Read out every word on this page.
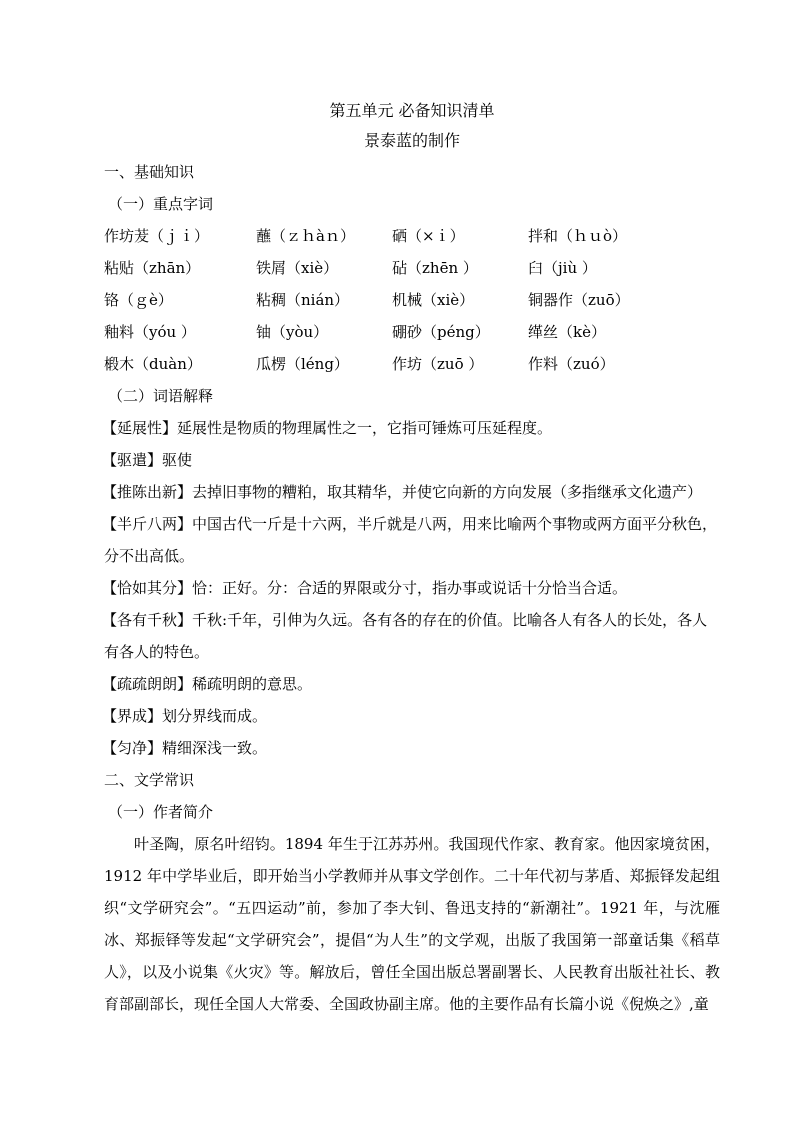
第五单元 必备知识清单
景泰蓝的制作
一、基础知识
（一）重点字词
作坊茇（ｊｉ）	蘸（ｚｈàｎ）	硒（×ｉ）	拌和（ｈｕò）
粘贴（zhān）	铁屑（xiè）	砧（zhēn ）	臼（jiù ）
铬（ｇè）	粘稠（nián）	机械（xiè）	铜器作（zuō）
釉料（yóu ）	铀（yòu）	硼砂（péng）	缂丝（kè）
椴木（duàn）	瓜楞（léng）	作坊（zuō ）	作料（zuó）
（二）词语解释
【延展性】延展性是物质的物理属性之一，它指可锤炼可压延程度。
【驱遣】驱使
【推陈出新】去掉旧事物的糟粕，取其精华，并使它向新的方向发展（多指继承文化遗产）
【半斤八两】中国古代一斤是十六两，半斤就是八两，用来比喻两个事物或两方面平分秋色，分不出高低。
【恰如其分】恰：正好。分：合适的界限或分寸，指办事或说话十分恰当合适。
【各有千秋】千秋:千年，引伸为久远。各有各的存在的价值。比喻各人有各人的长处，各人有各人的特色。
【疏疏朗朗】稀疏明朗的意思。
【界成】划分界线而成。
【匀净】精细深浅一致。
二、文学常识
（一）作者简介

叶圣陶，原名叶绍钧。1894 年生于江苏苏州。我国现代作家、教育家。他因家境贫困，1912 年中学毕业后，即开始当小学教师并从事文学创作。二十年代初与茅盾、郑振铎发起组织“文学研究会”。“五四运动”前，参加了李大钊、鲁迅支持的“新潮社”。1921 年，与沈雁冰、郑振铎等发起“文学研究会”，提倡“为人生”的文学观，出版了我国第一部童话集《稻草人》，以及小说集《火灾》等。解放后，曾任全国出版总署副署长、人民教育出版社社长、教育部副部长，现任全国人大常委、全国政协副主席。他的主要作品有长篇小说《倪焕之》,童
